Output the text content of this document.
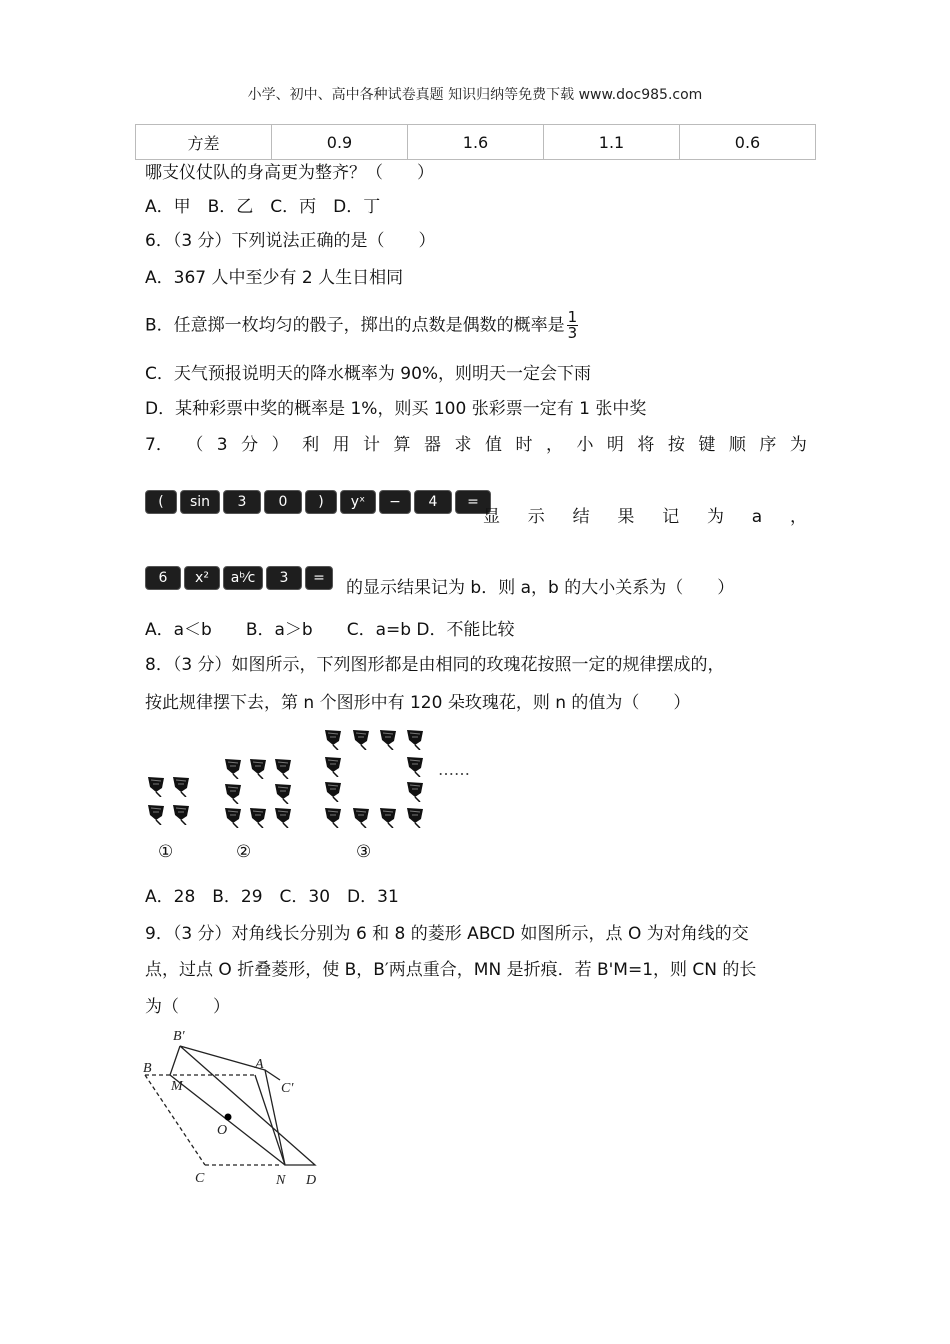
小学、初中、高中各种试卷真题 知识归纳等免费下载 www.doc985.com
方差	0.9	1.6	1.1	0.6
哪支仪仗队的身高更为整齐？（　　）
A．甲　B．乙　C．丙　D．丁
6．（3 分）下列说法正确的是（　　）
A．367 人中至少有 2 人生日相同
B．任意掷一枚均匀的骰子，掷出的点数是偶数的概率是 $\frac{1}{3}$
C．天气预报说明天的降水概率为 90%，则明天一定会下雨
D．某种彩票中奖的概率是 1%，则买 100 张彩票一定有 1 张中奖
7． （ 3 分 ） 利 用 计 算 器 求 值 时 ， 小 明 将 按 键 顺 序 为
(	sin	3	0	)	yˣ	−	4	=
显 示 结 果 记 为 a ，
6	x²	aᵇ⁄c	3	=	的显示结果记为 b．则 a，b 的大小关系为（　　）
A．a＜b　　B．a＞b　　C．a=b D．不能比较
8．（3 分）如图所示，下列图形都是由相同的玫瑰花按照一定的规律摆成的，
按此规律摆下去，第 n 个图形中有 120 朵玫瑰花，则 n 的值为（　　）
……
①	②	③
A．28　B．29　C．30　D．31
9．（3 分）对角线长分别为 6 和 8 的菱形 ABCD 如图所示，点 O 为对角线的交
点，过点 O 折叠菱形，使 B，B′两点重合，MN 是折痕．若 B'M=1，则 CN 的长
为（　　）
B′
B	A
M	C′
O
C	N D
